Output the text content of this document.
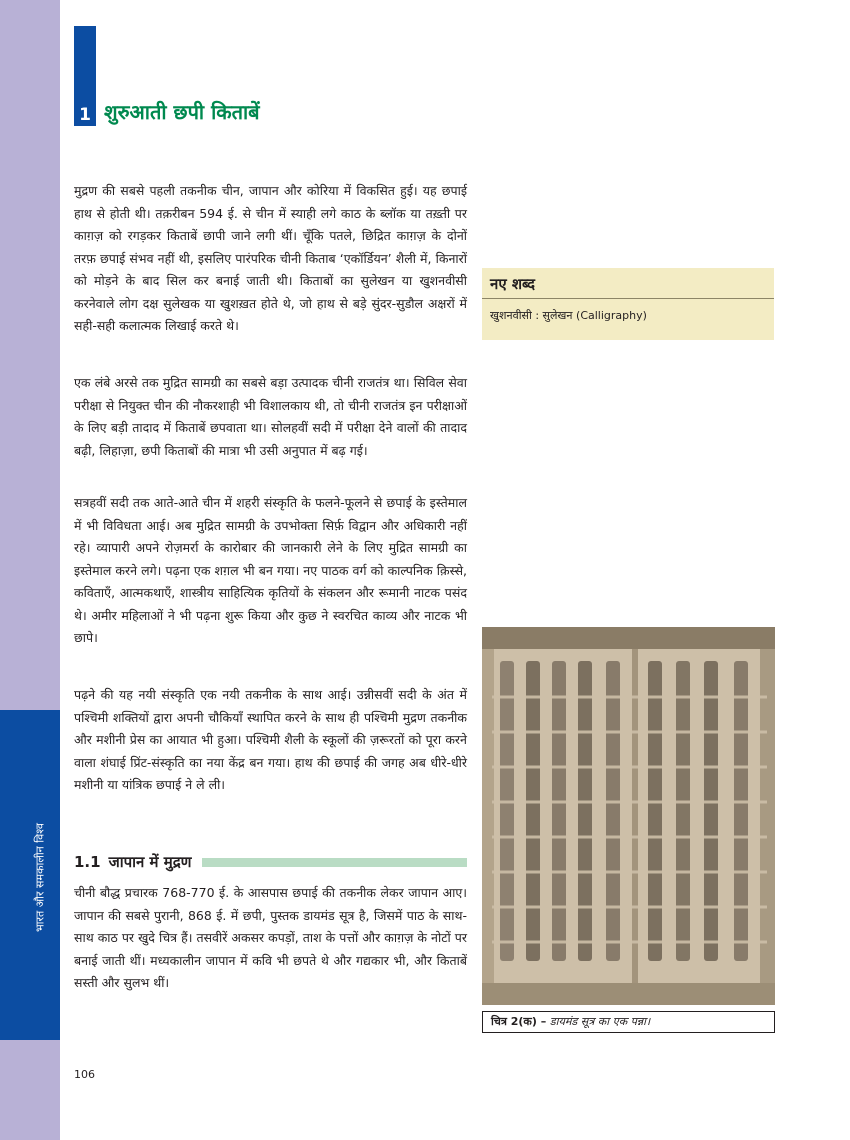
भारत और समकालीन विश्व
1 शुरुआती छपी किताबें

मुद्रण की सबसे पहली तकनीक चीन, जापान और कोरिया में विकसित हुई। यह छपाई हाथ से होती थी। तक़रीबन 594 ई. से चीन में स्याही लगे काठ के ब्लॉक या तख़्ती पर काग़ज़ को रगड़कर किताबें छापी जाने लगी थीं। चूँकि पतले, छिद्रित काग़ज़ के दोनों तरफ़ छपाई संभव नहीं थी, इसलिए पारंपरिक चीनी किताब ‘एकॉर्डियन’ शैली में, किनारों को मोड़ने के बाद सिल कर बनाई जाती थी। किताबों का सुलेखन या खुशनवीसी करनेवाले लोग दक्ष सुलेखक या खुशख़त होते थे, जो हाथ से बड़े सुंदर-सुडौल अक्षरों में सही-सही कलात्मक लिखाई करते थे।

एक लंबे अरसे तक मुद्रित सामग्री का सबसे बड़ा उत्पादक चीनी राजतंत्र था। सिविल सेवा परीक्षा से नियुक्त चीन की नौकरशाही भी विशालकाय थी, तो चीनी राजतंत्र इन परीक्षाओं के लिए बड़ी तादाद में किताबें छपवाता था। सोलहवीं सदी में परीक्षा देने वालों की तादाद बढ़ी, लिहाज़ा, छपी किताबों की मात्रा भी उसी अनुपात में बढ़ गई।

सत्रहवीं सदी तक आते-आते चीन में शहरी संस्कृति के फलने-फूलने से छपाई के इस्तेमाल में भी विविधता आई। अब मुद्रित सामग्री के उपभोक्ता सिर्फ़ विद्वान और अधिकारी नहीं रहे। व्यापारी अपने रोज़मर्रा के कारोबार की जानकारी लेने के लिए मुद्रित सामग्री का इस्तेमाल करने लगे। पढ़ना एक शग़ल भी बन गया। नए पाठक वर्ग को काल्पनिक क़िस्से, कविताएँ, आत्मकथाएँ, शास्त्रीय साहित्यिक कृतियों के संकलन और रूमानी नाटक पसंद थे। अमीर महिलाओं ने भी पढ़ना शुरू किया और कुछ ने स्वरचित काव्य और नाटक भी छापे।

पढ़ने की यह नयी संस्कृति एक नयी तकनीक के साथ आई। उन्नीसवीं सदी के अंत में पश्चिमी शक्तियों द्वारा अपनी चौकियाँ स्थापित करने के साथ ही पश्चिमी मुद्रण तकनीक और मशीनी प्रेस का आयात भी हुआ। पश्चिमी शैली के स्कूलों की ज़रूरतों को पूरा करने वाला शंघाई प्रिंट-संस्कृति का नया केंद्र बन गया। हाथ की छपाई की जगह अब धीरे-धीरे मशीनी या यांत्रिक छपाई ने ले ली।

1.1 जापान में मुद्रण

चीनी बौद्ध प्रचारक 768-770 ई. के आसपास छपाई की तकनीक लेकर जापान आए। जापान की सबसे पुरानी, 868 ई. में छपी, पुस्तक डायमंड सूत्र है, जिसमें पाठ के साथ-साथ काठ पर खुदे चित्र हैं। तसवीरें अकसर कपड़ों, ताश के पत्तों और काग़ज़ के नोटों पर बनाई जाती थीं। मध्यकालीन जापान में कवि भी छपते थे और गद्यकार भी, और किताबें सस्ती और सुलभ थीं।

नए शब्द
खुशनवीसी : सुलेखन (Calligraphy)
चित्र 2(क) – डायमंड सूत्र का एक पन्ना।
106
